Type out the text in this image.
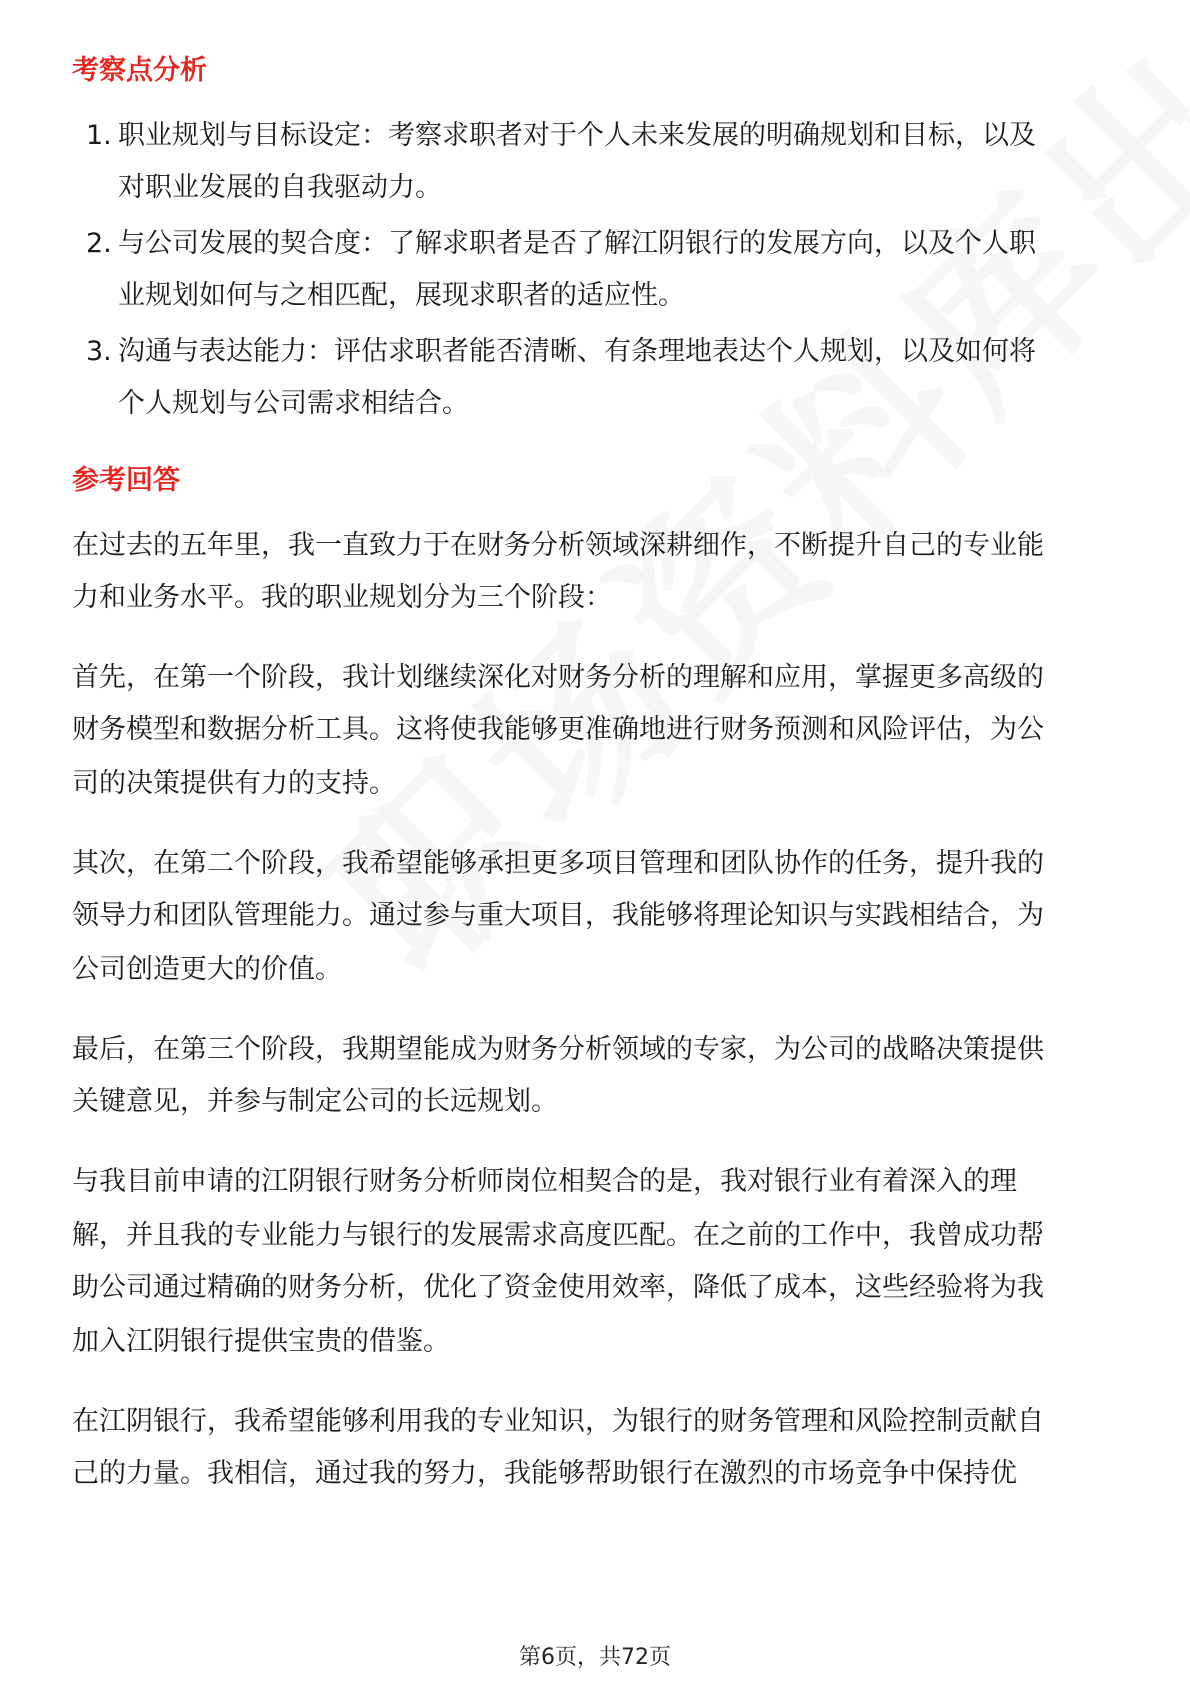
考察点分析
1. 职业规划与目标设定：考察求职者对于个人未来发展的明确规划和目标，以及
对职业发展的自我驱动力。
2. 与公司发展的契合度：了解求职者是否了解江阴银行的发展方向，以及个人职
业规划如何与之相匹配，展现求职者的适应性。
3. 沟通与表达能力：评估求职者能否清晰、有条理地表达个人规划，以及如何将
个人规划与公司需求相结合。
参考回答
在过去的五年里，我一直致力于在财务分析领域深耕细作，不断提升自己的专业能
力和业务水平。我的职业规划分为三个阶段：
首先，在第一个阶段，我计划继续深化对财务分析的理解和应用，掌握更多高级的
财务模型和数据分析工具。这将使我能够更准确地进行财务预测和风险评估，为公
司的决策提供有力的支持。
其次，在第二个阶段，我希望能够承担更多项目管理和团队协作的任务，提升我的
领导力和团队管理能力。通过参与重大项目，我能够将理论知识与实践相结合，为
公司创造更大的价值。
最后，在第三个阶段，我期望能成为财务分析领域的专家，为公司的战略决策提供
关键意见，并参与制定公司的长远规划。
与我目前申请的江阴银行财务分析师岗位相契合的是，我对银行业有着深入的理
解，并且我的专业能力与银行的发展需求高度匹配。在之前的工作中，我曾成功帮
助公司通过精确的财务分析，优化了资金使用效率，降低了成本，这些经验将为我
加入江阴银行提供宝贵的借鉴。
在江阴银行，我希望能够利用我的专业知识，为银行的财务管理和风险控制贡献自
己的力量。我相信，通过我的努力，我能够帮助银行在激烈的市场竞争中保持优
第6页，共72页
